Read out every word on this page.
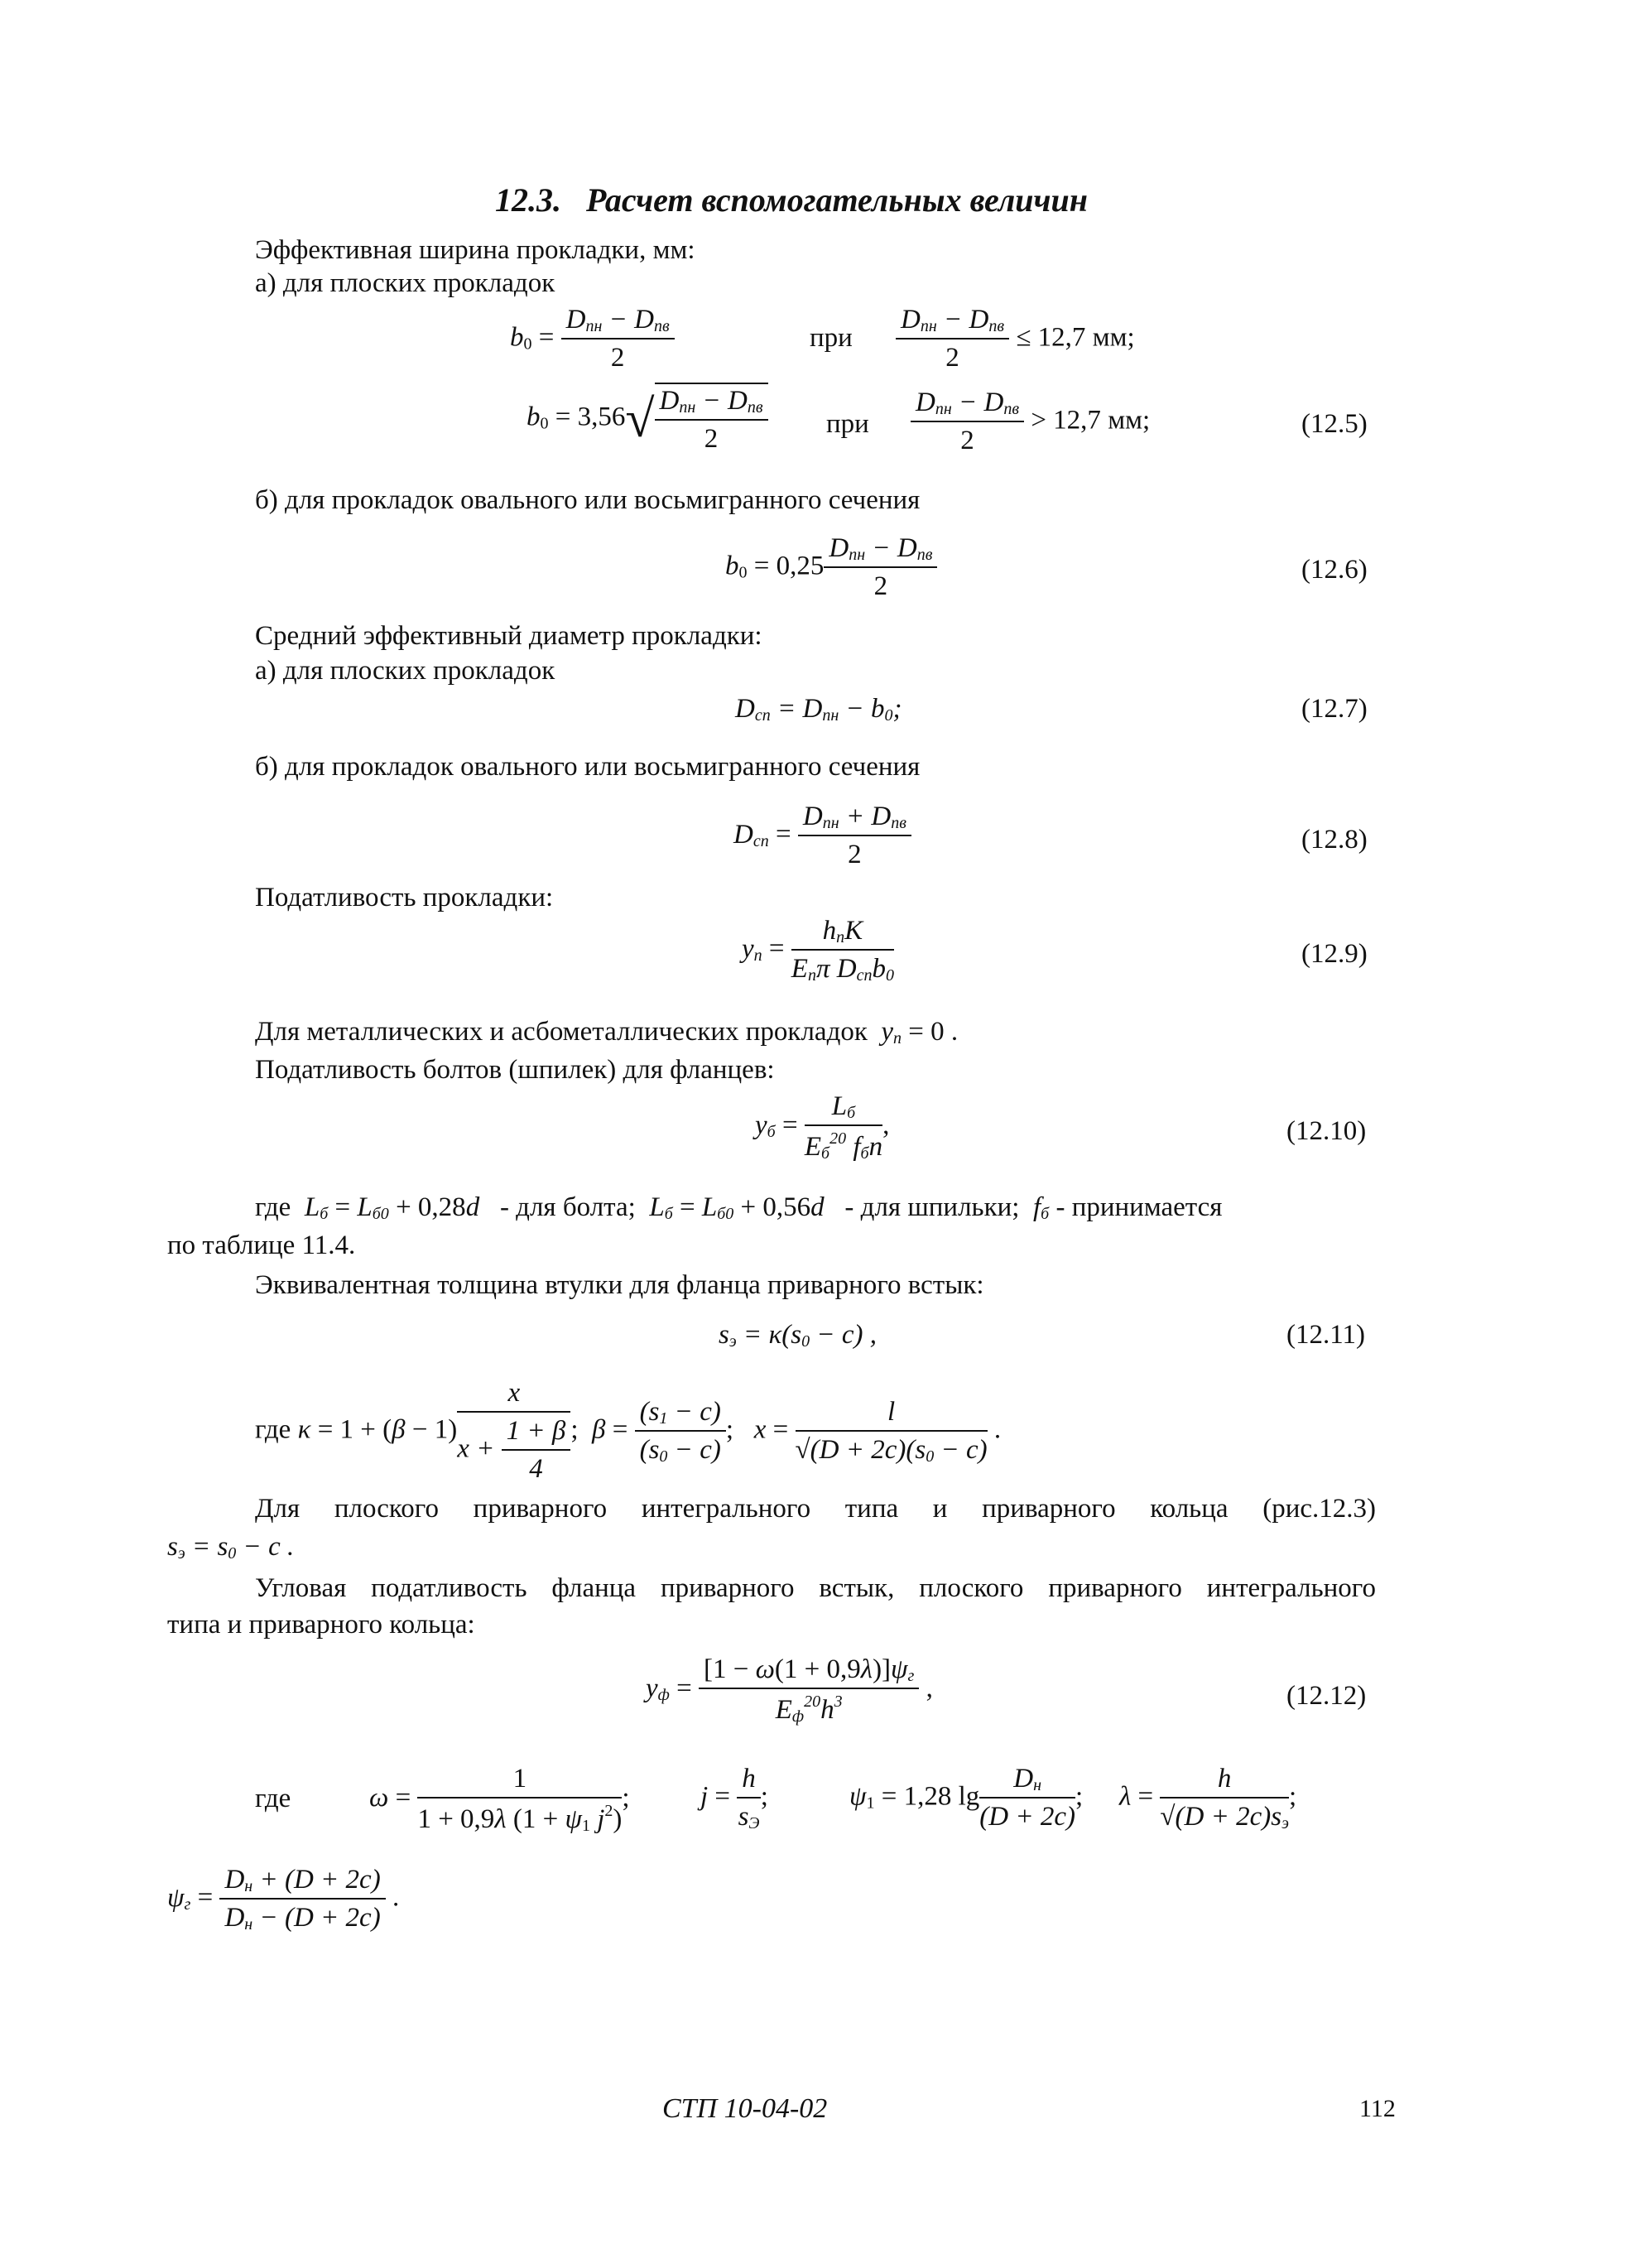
12.3. Расчет вспомогательных величин
Эффективная ширина прокладки, мм:
а) для плоских прокладок
$b_0 = \frac{D_{пн} - D_{пв}}{2}$	при $\frac{D_{пн} - D_{пв}}{2} \le 12,7$ мм;
$b_0 = 3,56√ \frac{D_{пн} - D_{пв}}{2}$ при $\frac{D_{пн} - D_{пв}}{2} > 12,7$ мм;	(12.5)
б) для прокладок овального или восьмигранного сечения
$b_0 = 0,25 \frac{D_{пн} - D_{пв}}{2}$	(12.6)
Средний эффективный диаметр прокладки:
а) для плоских прокладок
$D_{сп} = D_{пн} - b_0$;	(12.7)
б) для прокладок овального или восьмигранного сечения
$D_{сп} = \frac{D_{пн} + D_{пв}}{2}$	(12.8)
Податливость прокладки:
$y_п = \frac{h_пK}{E_п\pi D_{сп}b_0}$	(12.9)
Для металлических и асбометаллических прокладок $y_п = 0$ .
Податливость болтов (шпилек) для фланцев:
$y_б = \frac{L_б}{E_б^{20} f_бn}$ ,	(12.10)
где $L_б = L_{б0} + 0,28d$ - для болта; $L_б = L_{б0} + 0,56d$ - для шпильки; $f_б$ - принимается
по таблице 11.4.
Эквивалентная толщина втулки для фланца приварного встык:
$s_э = \kappa(s_0 - c)$ ,	(12.11)
где $\kappa = 1 + (\beta - 1) \frac{x}{x + \frac{1 + \beta}{4}}$ ;  $\beta = \frac{(s_1 - c)}{(s_0 - c)}$ ;   $x = \frac{l}{√(D + 2c)(s_0 - c)}$ .
Для плоского приварного интегрального типа и приварного кольца (рис.12.3)
$s_э = s_0 - c$ .
Угловая податливость фланца приварного встык, плоского приварного интегрального
типа и приварного кольца:
$y_ф = \frac{[1 - \omega(1 + 0,9\lambda)]\psi_г}{E_ф^{20}h^3}$ ,	(12.12)
где	$\omega = \frac{1}{1 + 0,9\lambda (1 + \psi_1 j^2)}$ ;	$j = \frac{h}{s_Э}$ ;	$\psi_1 = 1,28$ $\lg \frac{D_н}{(D + 2c)}$ ; $\lambda = \frac{h}{√(D + 2c)s_э}$ ;
$\psi_г = \frac{D_н + (D + 2c)}{D_н - (D + 2c)}$ .
СТП 10-04-02	112
